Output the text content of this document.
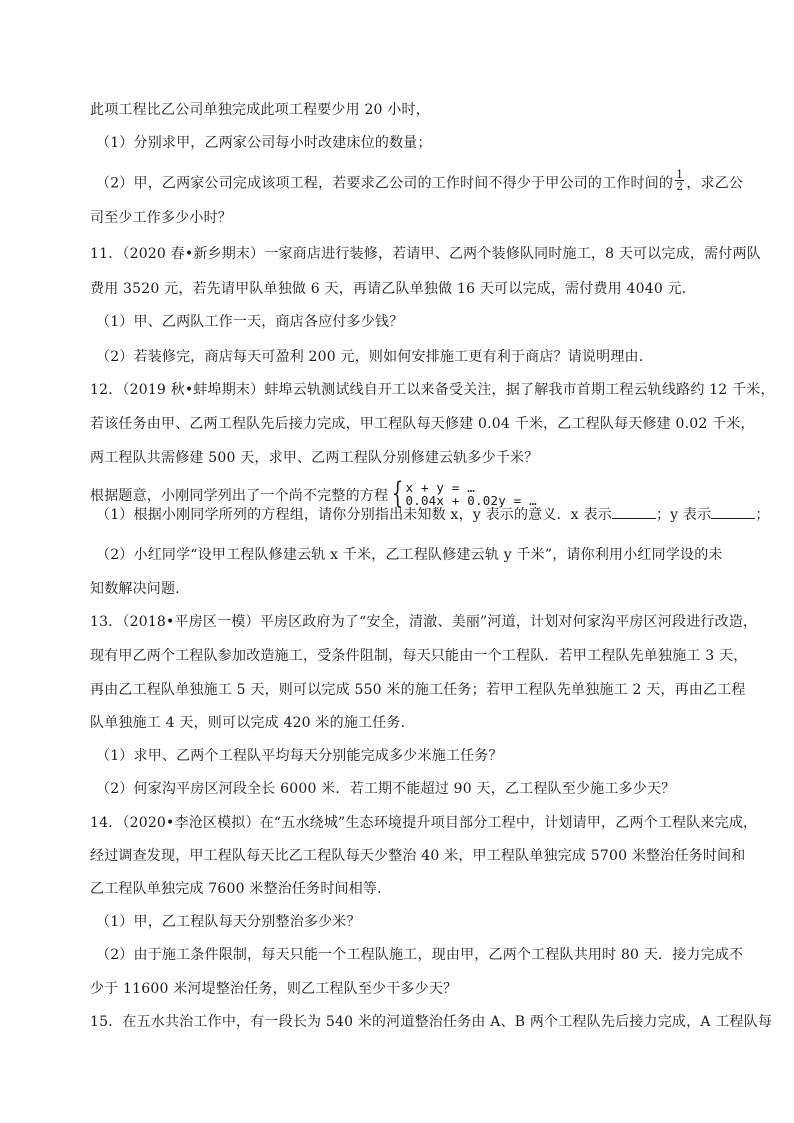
此项工程比乙公司单独完成此项工程要少用 20 小时，
（1）分别求甲，乙两家公司每小时改建床位的数量；
（2）甲，乙两家公司完成该项工程，若要求乙公司的工作时间不得少于甲公司的工作时间的 $\frac{1}{2}$ ，求乙公
司至少工作多少小时？
11．（2020 春•新乡期末）一家商店进行装修，若请甲、乙两个装修队同时施工，8 天可以完成，需付两队
费用 3520 元，若先请甲队单独做 6 天，再请乙队单独做 16 天可以完成，需付费用 4040 元．
（1）甲、乙两队工作一天，商店各应付多少钱？
（2）若装修完，商店每天可盈利 200 元，则如何安排施工更有利于商店？请说明理由．
12．（2019 秋•蚌埠期末）蚌埠云轨测试线自开工以来备受关注，据了解我市首期工程云轨线路约 12 千米，
若该任务由甲、乙两工程队先后接力完成，甲工程队每天修建 0.04 千米，乙工程队每天修建 0.02 千米，
两工程队共需修建 500 天，求甲、乙两工程队分别修建云轨多少千米？
根据题意，小刚同学列出了一个尚不完整的方程 { x + y = …
0.04x + 0.02y = …
（1）根据小刚同学所列的方程组，请你分别指出未知数 x，y 表示的意义．x 表示	；y 表示	；
（2）小红同学“设甲工程队修建云轨 x 千米，乙工程队修建云轨 y 千米”，请你利用小红同学设的未
知数解决问题．
13．（2018•平房区一模）平房区政府为了“安全，清澈、美丽”河道，计划对何家沟平房区河段进行改造，
现有甲乙两个工程队参加改造施工，受条件阻制，每天只能由一个工程队．若甲工程队先单独施工 3 天，
再由乙工程队单独施工 5 天，则可以完成 550 米的施工任务；若甲工程队先单独施工 2 天，再由乙工程
队单独施工 4 天，则可以完成 420 米的施工任务．
（1）求甲、乙两个工程队平均每天分别能完成多少米施工任务？
（2）何家沟平房区河段全长 6000 米．若工期不能超过 90 天，乙工程队至少施工多少天？
14．（2020•李沧区模拟）在“五水绕城”生态环境提升项目部分工程中，计划请甲，乙两个工程队来完成，
经过调查发现，甲工程队每天比乙工程队每天少整治 40 米，甲工程队单独完成 5700 米整治任务时间和
乙工程队单独完成 7600 米整治任务时间相等．
（1）甲，乙工程队每天分别整治多少米？
（2）由于施工条件限制，每天只能一个工程队施工，现由甲，乙两个工程队共用时 80 天．接力完成不
少于 11600 米河堤整治任务，则乙工程队至少干多少天？
15．在五水共治工作中，有一段长为 540 米的河道整治任务由 A、B 两个工程队先后接力完成，A 工程队每
